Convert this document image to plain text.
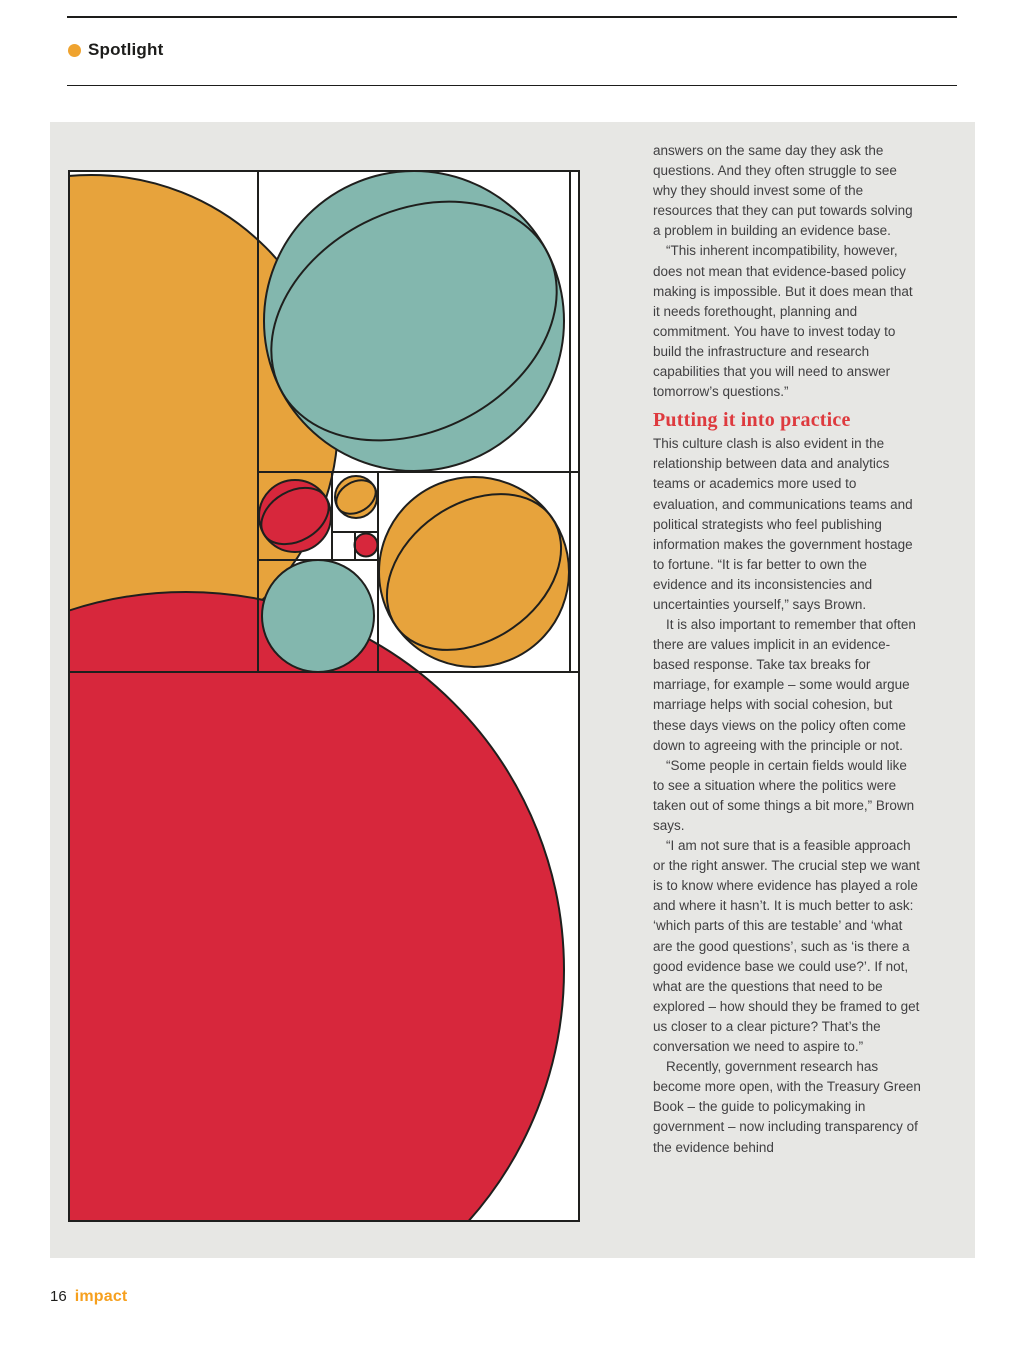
Spotlight

answers on the same day they ask the questions. And they often struggle to see why they should invest some of the resources that they can put towards solving a problem in building an evidence base.

“This inherent incompatibility, however, does not mean that evidence-based policy making is impossible. But it does mean that it needs forethought, planning and commitment. You have to invest today to build the infrastructure and research capabilities that you will need to answer tomorrow’s questions.”

Putting it into practice

This culture clash is also evident in the relationship between data and analytics teams or academics more used to evaluation, and communications teams and political strategists who feel publishing information makes the government hostage to fortune. “It is far better to own the evidence and its inconsistencies and uncertainties yourself,” says Brown.

It is also important to remember that often there are values implicit in an evidence-based response. Take tax breaks for marriage, for example – some would argue marriage helps with social cohesion, but these days views on the policy often come down to agreeing with the principle or not.

“Some people in certain fields would like to see a situation where the politics were taken out of some things a bit more,” Brown says.

“I am not sure that is a feasible approach or the right answer. The crucial step we want is to know where evidence has played a role and where it hasn’t. It is much better to ask: ‘which parts of this are testable’ and ‘what are the good questions’, such as ‘is there a good evidence base we could use?’. If not, what are the questions that need to be explored – how should they be framed to get us closer to a clear picture? That’s the conversation we need to aspire to.”

Recently, government research has become more open, with the Treasury Green Book – the guide to policymaking in government – now including transparency of the evidence behind

16 impact
